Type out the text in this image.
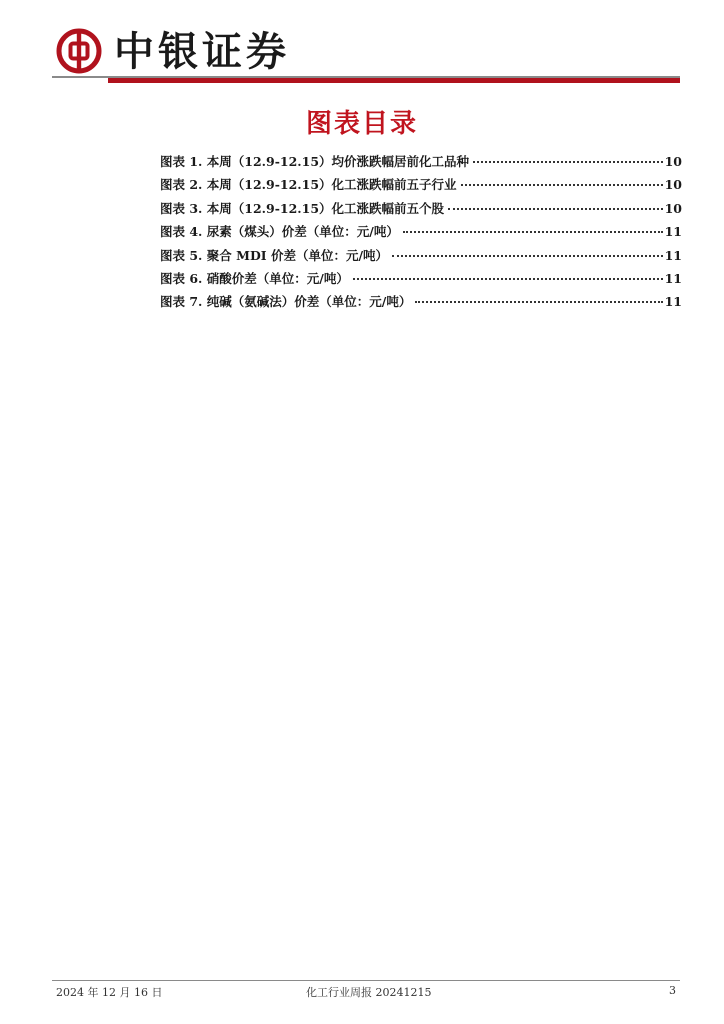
中银证券
图表目录
图表 1. 本周（12.9-12.15）均价涨跌幅居前化工品种	10
图表 2. 本周（12.9-12.15）化工涨跌幅前五子行业	10
图表 3. 本周（12.9-12.15）化工涨跌幅前五个股	10
图表 4. 尿素（煤头）价差（单位：元/吨）	11
图表 5. 聚合 MDI 价差（单位：元/吨）	11
图表 6. 硝酸价差（单位：元/吨）	11
图表 7. 纯碱（氨碱法）价差（单位：元/吨）	11
2024 年 12 月 16 日	化工行业周报 20241215	3
